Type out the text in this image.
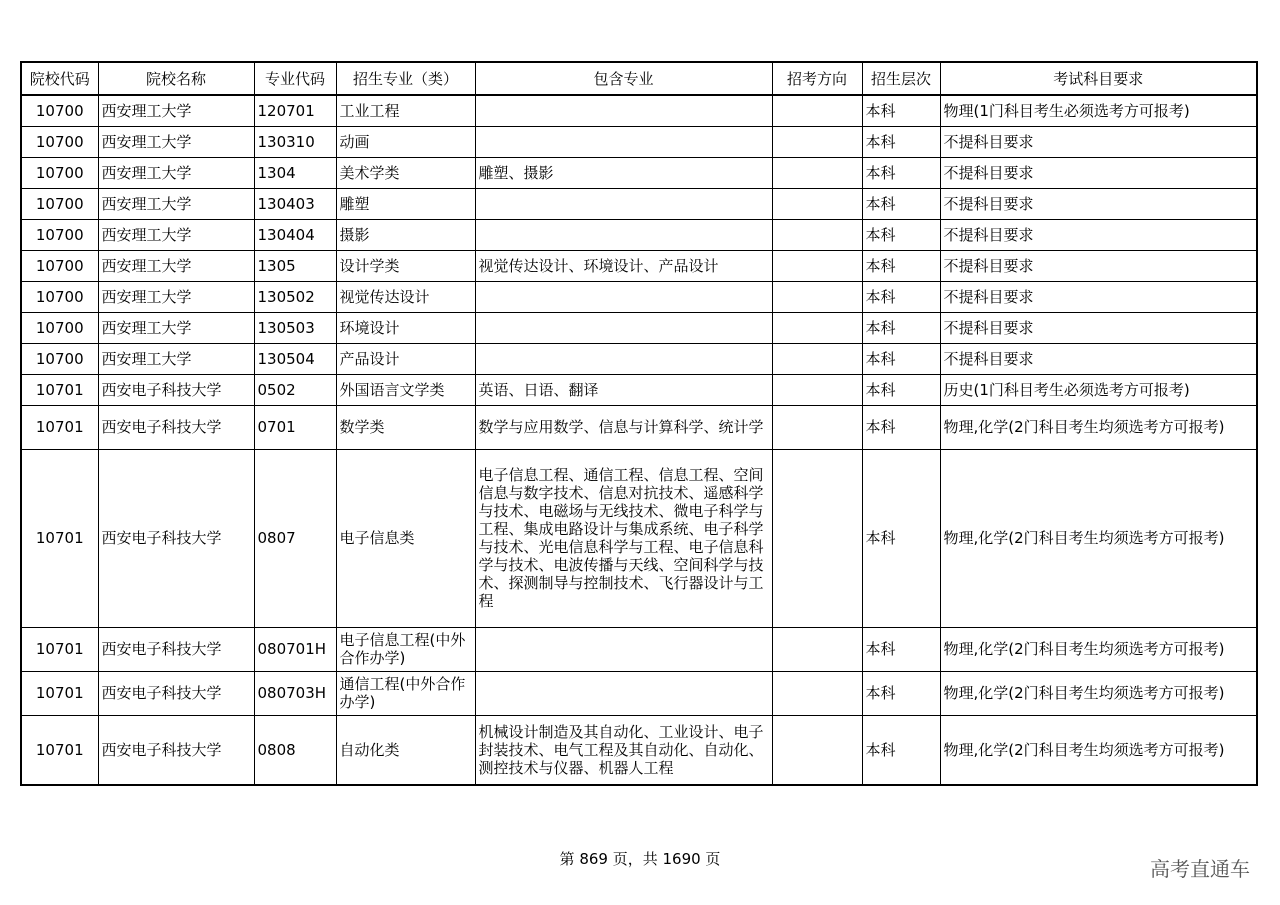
院校代码	院校名称	专业代码	招生专业（类）	包含专业	招考方向	招生层次	考试科目要求
10700	西安理工大学	120701	工业工程			本科	物理(1门科目考生必须选考方可报考)
10700	西安理工大学	130310	动画			本科	不提科目要求
10700	西安理工大学	1304	美术学类	雕塑、摄影		本科	不提科目要求
10700	西安理工大学	130403	雕塑			本科	不提科目要求
10700	西安理工大学	130404	摄影			本科	不提科目要求
10700	西安理工大学	1305	设计学类	视觉传达设计、环境设计、产品设计		本科	不提科目要求
10700	西安理工大学	130502	视觉传达设计			本科	不提科目要求
10700	西安理工大学	130503	环境设计			本科	不提科目要求
10700	西安理工大学	130504	产品设计			本科	不提科目要求
10701	西安电子科技大学	0502	外国语言文学类	英语、日语、翻译		本科	历史(1门科目考生必须选考方可报考)
10701	西安电子科技大学	0701	数学类	数学与应用数学、信息与计算科学、统计学		本科	物理,化学(2门科目考生均须选考方可报考)
10701	西安电子科技大学	0807	电子信息类	电子信息工程、通信工程、信息工程、空间信息与数字技术、信息对抗技术、遥感科学与技术、电磁场与无线技术、微电子科学与工程、集成电路设计与集成系统、电子科学与技术、光电信息科学与工程、电子信息科学与技术、电波传播与天线、空间科学与技术、探测制导与控制技术、飞行器设计与工程		本科	物理,化学(2门科目考生均须选考方可报考)
10701	西安电子科技大学	080701H	电子信息工程(中外合作办学)			本科	物理,化学(2门科目考生均须选考方可报考)
10701	西安电子科技大学	080703H	通信工程(中外合作办学)			本科	物理,化学(2门科目考生均须选考方可报考)
10701	西安电子科技大学	0808	自动化类	机械设计制造及其自动化、工业设计、电子封装技术、电气工程及其自动化、自动化、测控技术与仪器、机器人工程		本科	物理,化学(2门科目考生均须选考方可报考)
第 869 页，共 1690 页	高考直通车
